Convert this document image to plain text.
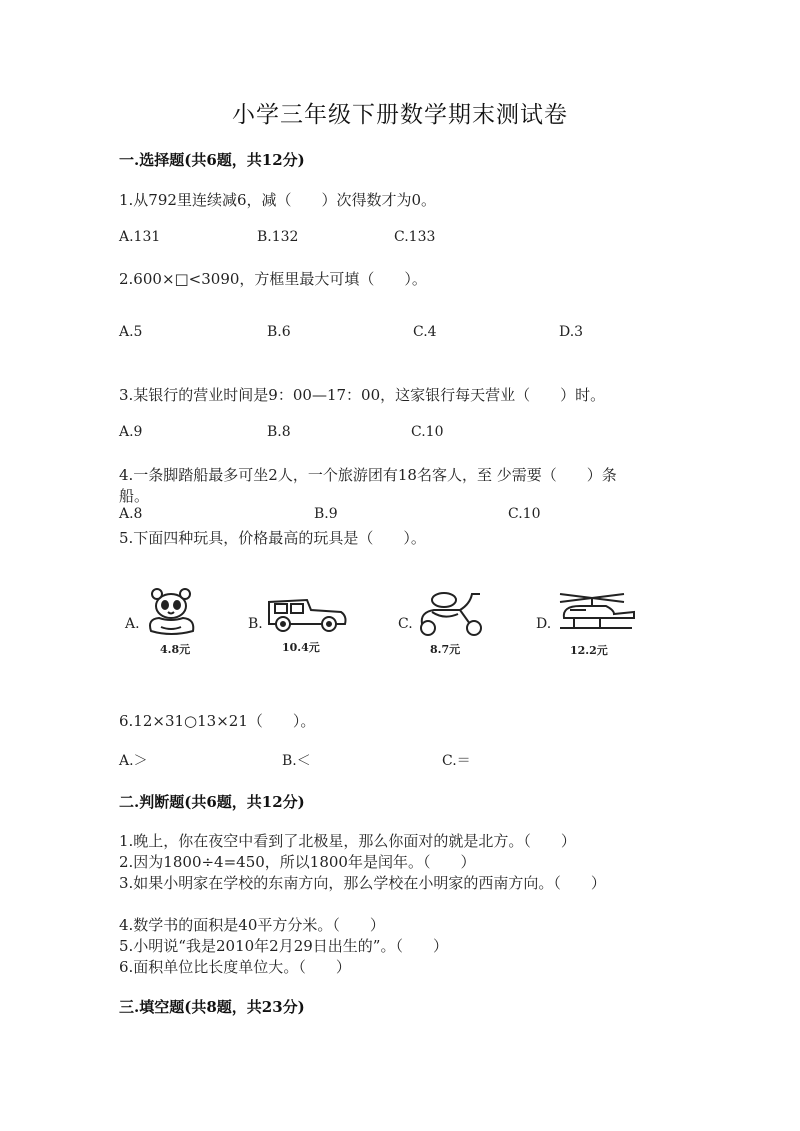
小学三年级下册数学期末测试卷
一.选择题(共6题，共12分)
1.从792里连续减6，减（　　）次得数才为0。
A.131	B.132	C.133
2.600×□<3090，方框里最大可填（　　）。
A.5	B.6	C.4	D.3
3.某银行的营业时间是9：00—17：00，这家银行每天营业（　　）时。
A.9	B.8	C.10
4.一条脚踏船最多可坐2人，一个旅游团有18名客人，至 少需要（　　）条
船。
A.8	B.9	C.10
5.下面四种玩具，价格最高的玩具是（　　）。
A.
4.8元
B.
10.4元
C.
8.7元
D.
12.2元
6.12×31○13×21（　　）。
A.＞	B.＜	C.＝
二.判断题(共6题，共12分)
1.晚上，你在夜空中看到了北极星，那么你面对的就是北方。（　　）
2.因为1800÷4=450，所以1800年是闰年。（　　）
3.如果小明家在学校的东南方向，那么学校在小明家的西南方向。（　　）
4.数学书的面积是40平方分米。（　　）
5.小明说“我是2010年2月29日出生的”。（　　）
6.面积单位比长度单位大。（　　）
三.填空题(共8题，共23分)
